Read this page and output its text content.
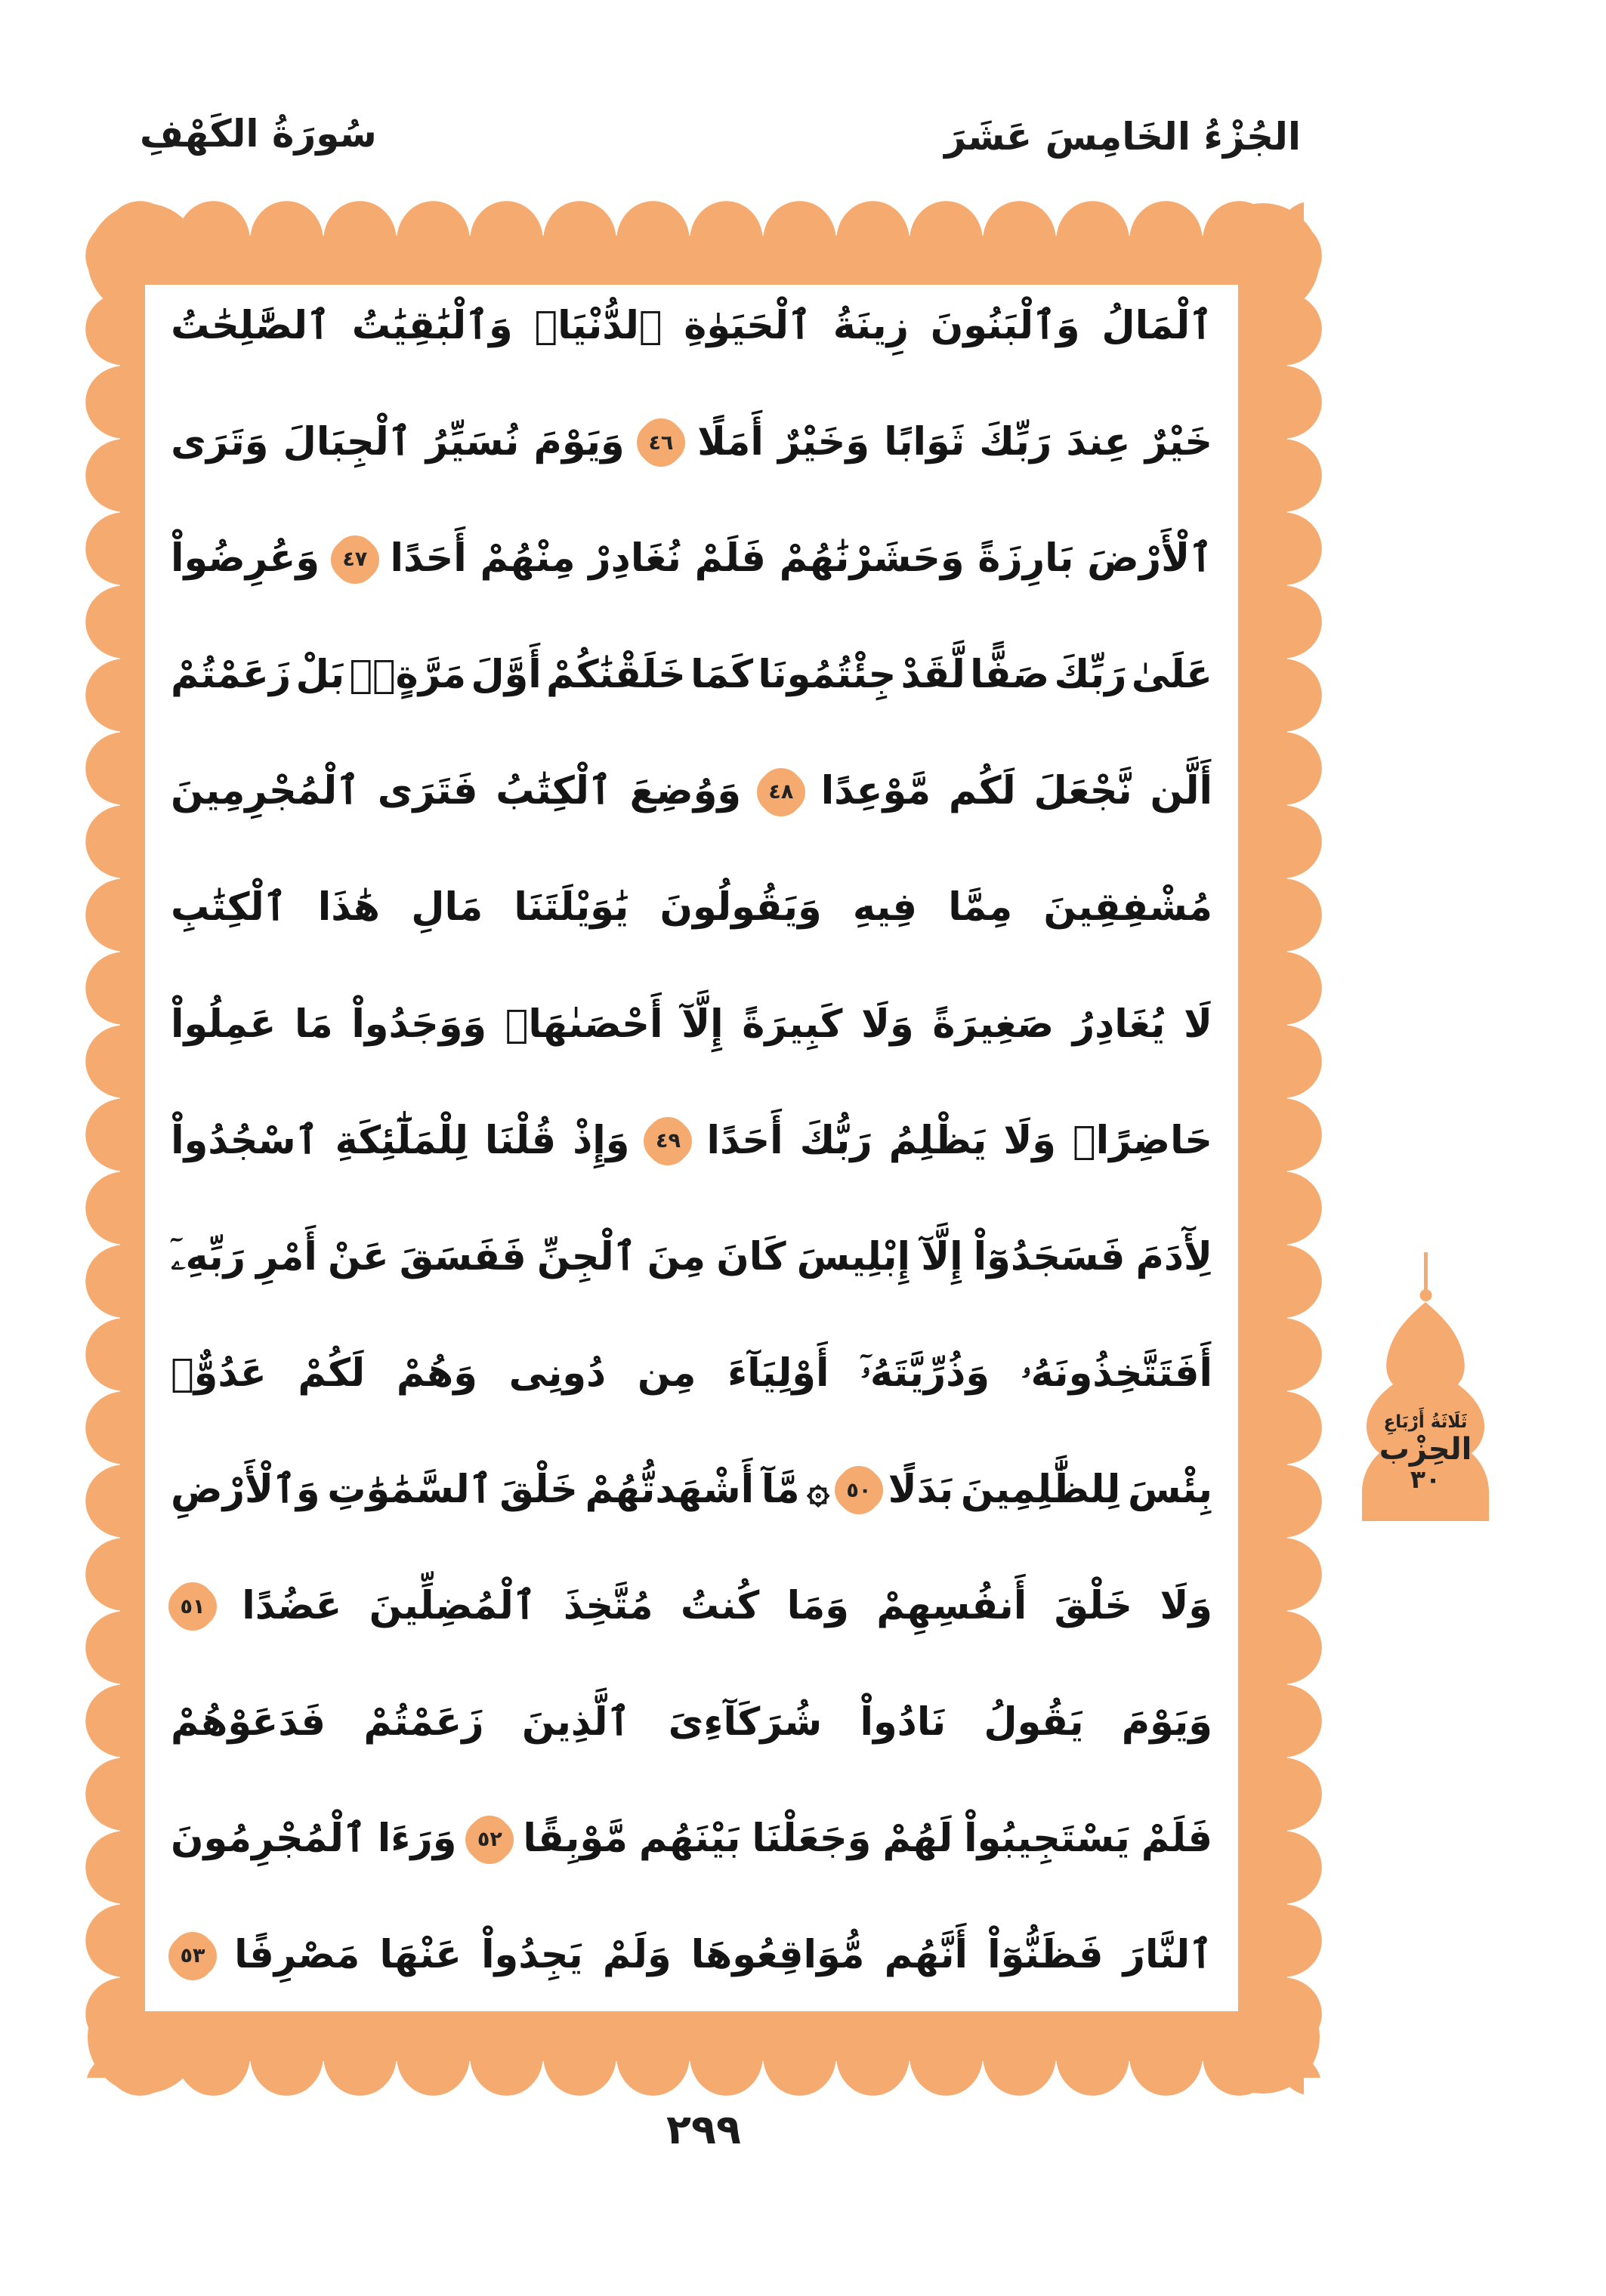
سُورَةُ الكَهْفِ	الجُزْءُ الخَامِسَ عَشَرَ
ٱلْمَالُ
وَٱلْبَنُونَ
زِينَةُ
ٱلْحَيَوٰةِ
ٱلدُّنْيَاۖ
وَٱلْبَٰقِيَٰتُ
ٱلصَّٰلِحَٰتُ
خَيْرٌ
عِندَ
رَبِّكَ
ثَوَابًا
وَخَيْرٌ
أَمَلًا
٤٦
وَيَوْمَ
نُسَيِّرُ
ٱلْجِبَالَ
وَتَرَى
ٱلْأَرْضَ
بَارِزَةً
وَحَشَرْنَٰهُمْ
فَلَمْ
نُغَادِرْ
مِنْهُمْ
أَحَدًا
٤٧
وَعُرِضُواْ
عَلَىٰ
رَبِّكَ
صَفًّا
لَّقَدْ
جِئْتُمُونَا
كَمَا
خَلَقْنَٰكُمْ
أَوَّلَ
مَرَّةٍۭۚ
بَلْ
زَعَمْتُمْ
أَلَّن
نَّجْعَلَ
لَكُم
مَّوْعِدًا
٤٨
وَوُضِعَ
ٱلْكِتَٰبُ
فَتَرَى
ٱلْمُجْرِمِينَ
مُشْفِقِينَ
مِمَّا
فِيهِ
وَيَقُولُونَ
يَٰوَيْلَتَنَا
مَالِ
هَٰذَا
ٱلْكِتَٰبِ
لَا
يُغَادِرُ
صَغِيرَةً
وَلَا
كَبِيرَةً
إِلَّآ
أَحْصَىٰهَاۚ
وَوَجَدُواْ
مَا
عَمِلُواْ
حَاضِرًاۗ
وَلَا
يَظْلِمُ
رَبُّكَ
أَحَدًا
٤٩
وَإِذْ
قُلْنَا
لِلْمَلَٰٓئِكَةِ
ٱسْجُدُواْ
لِأٓدَمَ
فَسَجَدُوٓاْ
إِلَّآ
إِبْلِيسَ
كَانَ
مِنَ
ٱلْجِنِّ
فَفَسَقَ
عَنْ
أَمْرِ
رَبِّهِۦٓ
أَفَتَتَّخِذُونَهُۥ
وَذُرِّيَّتَهُۥٓ
أَوْلِيَآءَ
مِن
دُونِى
وَهُمْ
لَكُمْ
عَدُوٌّۚ
بِئْسَ
لِلظَّٰلِمِينَ
بَدَلًا
٥٠
۞
مَّآ
أَشْهَدتُّهُمْ
خَلْقَ
ٱلسَّمَٰوَٰتِ
وَٱلْأَرْضِ
وَلَا
خَلْقَ
أَنفُسِهِمْ
وَمَا
كُنتُ
مُتَّخِذَ
ٱلْمُضِلِّينَ
عَضُدًا
٥١
وَيَوْمَ
يَقُولُ
نَادُواْ
شُرَكَآءِىَ
ٱلَّذِينَ
زَعَمْتُمْ
فَدَعَوْهُمْ
فَلَمْ
يَسْتَجِيبُواْ
لَهُمْ
وَجَعَلْنَا
بَيْنَهُم
مَّوْبِقًا
٥٢
وَرَءَا
ٱلْمُجْرِمُونَ
ٱلنَّارَ
فَظَنُّوٓاْ
أَنَّهُم
مُّوَاقِعُوهَا
وَلَمْ
يَجِدُواْ
عَنْهَا
مَصْرِفًا
٥٣
ثَلَاثَةُ أَرْبَاعِ
الحِزْب
٣٠
٢٩٩
